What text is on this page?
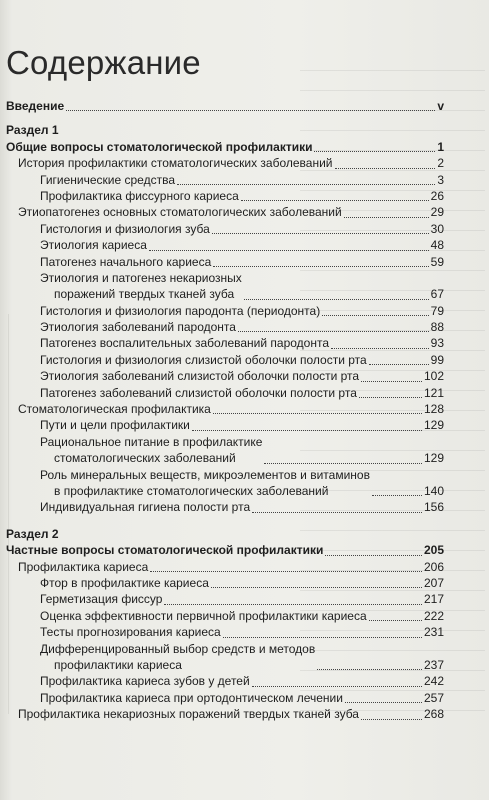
Содержание
Введение	v
Раздел 1
Общие вопросы стоматологической профилактики	1
История профилактики стоматологических заболеваний	2
Гигиенические средства	3
Профилактика фиссурного кариеса	26
Этиопатогенез основных стоматологических заболеваний	29
Гистология и физиология зуба	30
Этиология кариеса	48
Патогенез начального кариеса	59
Этиология и патогенез некариозных
поражений твердых тканей зуба	67
Гистология и физиология пародонта (периодонта)	79
Этиология заболеваний пародонта	88
Патогенез воспалительных заболеваний пародонта	93
Гистология и физиология слизистой оболочки полости рта	99
Этиология заболеваний слизистой оболочки полости рта	102
Патогенез заболеваний слизистой оболочки полости рта	121
Стоматологическая профилактика	128
Пути и цели профилактики	129
Рациональное питание в профилактике
стоматологических заболеваний	129
Роль минеральных веществ, микроэлементов и витаминов
в профилактике стоматологических заболеваний	140
Индивидуальная гигиена полости рта	156
Раздел 2
Частные вопросы стоматологической профилактики	205
Профилактика кариеса	206
Фтор в профилактике кариеса	207
Герметизация фиссур	217
Оценка эффективности первичной профилактики кариеса	222
Тесты прогнозирования кариеса	231
Дифференцированный выбор средств и методов
профилактики кариеса	237
Профилактика кариеса зубов у детей	242
Профилактика кариеса при ортодонтическом лечении	257
Профилактика некариозных поражений твердых тканей зуба	268
